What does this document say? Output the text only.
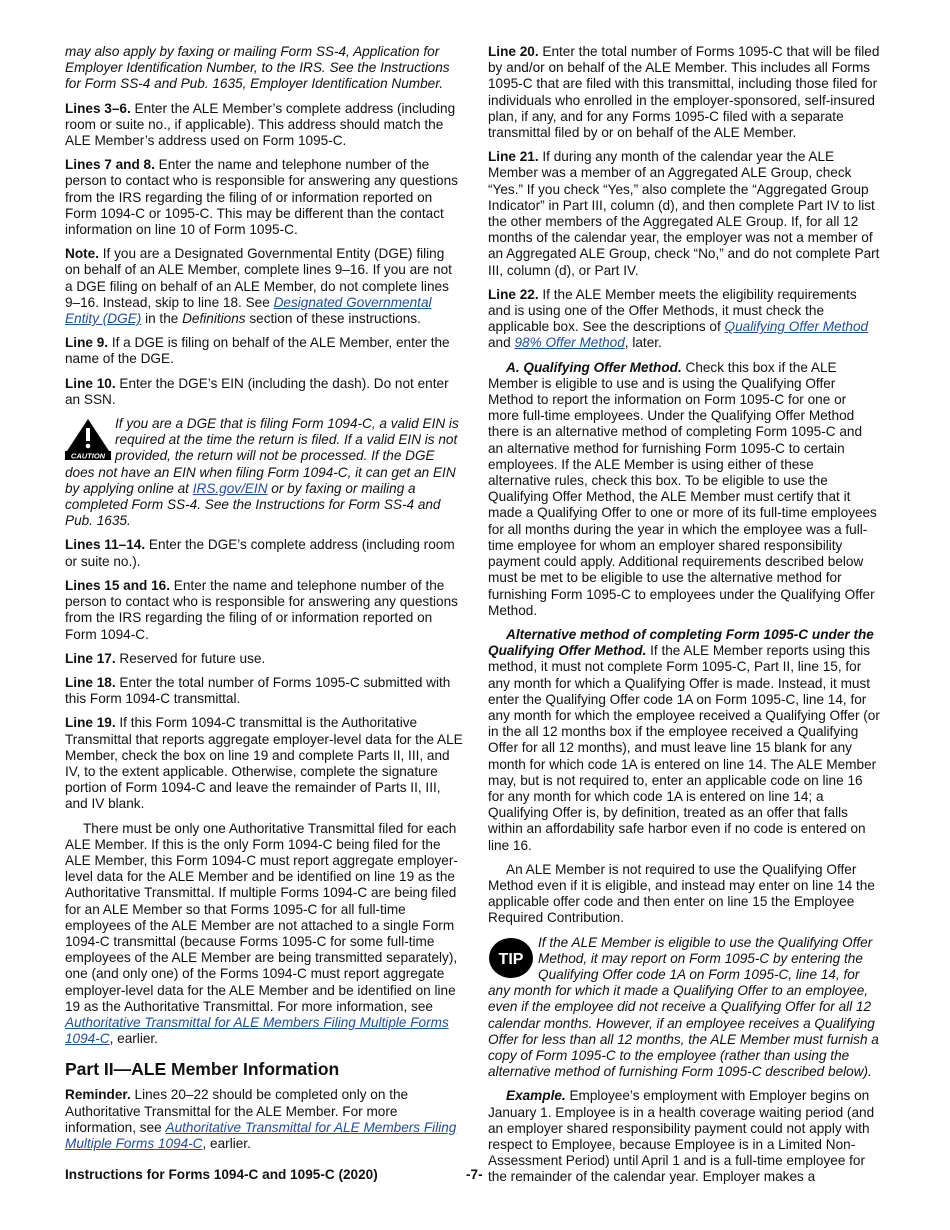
may also apply by faxing or mailing Form SS-4, Application for Employer Identification Number, to the IRS. See the Instructions for Form SS-4 and Pub. 1635, Employer Identification Number.

Lines 3–6. Enter the ALE Member’s complete address (including room or suite no., if applicable). This address should match the ALE Member’s address used on Form 1095-C.

Lines 7 and 8. Enter the name and telephone number of the person to contact who is responsible for answering any questions from the IRS regarding the filing of or information reported on Form 1094-C or 1095-C. This may be different than the contact information on line 10 of Form 1095-C.

Note. If you are a Designated Governmental Entity (DGE) filing on behalf of an ALE Member, complete lines 9–16. If you are not a DGE filing on behalf of an ALE Member, do not complete lines 9–16. Instead, skip to line 18. See Designated Governmental Entity (DGE) in the Definitions section of these instructions.

Line 9. If a DGE is filing on behalf of the ALE Member, enter the name of the DGE.

Line 10. Enter the DGE’s EIN (including the dash). Do not enter an SSN.

CAUTION
If you are a DGE that is filing Form 1094-C, a valid EIN is required at the time the return is filed. If a valid EIN is not provided, the return will not be processed. If the DGE does not have an EIN when filing Form 1094-C, it can get an EIN by applying online at IRS.gov/EIN or by faxing or mailing a completed Form SS-4. See the Instructions for Form SS-4 and Pub. 1635.

Lines 11–14. Enter the DGE’s complete address (including room or suite no.).

Lines 15 and 16. Enter the name and telephone number of the person to contact who is responsible for answering any questions from the IRS regarding the filing of or information reported on Form 1094-C.

Line 17. Reserved for future use.

Line 18. Enter the total number of Forms 1095-C submitted with this Form 1094-C transmittal.

Line 19. If this Form 1094-C transmittal is the Authoritative Transmittal that reports aggregate employer-level data for the ALE Member, check the box on line 19 and complete Parts II, III, and IV, to the extent applicable. Otherwise, complete the signature portion of Form 1094-C and leave the remainder of Parts II, III, and IV blank.

There must be only one Authoritative Transmittal filed for each ALE Member. If this is the only Form 1094-C being filed for the ALE Member, this Form 1094-C must report aggregate employer-level data for the ALE Member and be identified on line 19 as the Authoritative Transmittal. If multiple Forms 1094-C are being filed for an ALE Member so that Forms 1095-C for all full-time employees of the ALE Member are not attached to a single Form 1094-C transmittal (because Forms 1095-C for some full-time employees of the ALE Member are being transmitted separately), one (and only one) of the Forms 1094-C must report aggregate employer-level data for the ALE Member and be identified on line 19 as the Authoritative Transmittal. For more information, see Authoritative Transmittal for ALE Members Filing Multiple Forms 1094-C, earlier.

Part II—ALE Member Information

Reminder. Lines 20–22 should be completed only on the Authoritative Transmittal for the ALE Member. For more information, see Authoritative Transmittal for ALE Members Filing Multiple Forms 1094-C, earlier.

Line 20. Enter the total number of Forms 1095-C that will be filed by and/or on behalf of the ALE Member. This includes all Forms 1095-C that are filed with this transmittal, including those filed for individuals who enrolled in the employer-sponsored, self-insured plan, if any, and for any Forms 1095-C filed with a separate transmittal filed by or on behalf of the ALE Member.

Line 21. If during any month of the calendar year the ALE Member was a member of an Aggregated ALE Group, check “Yes.” If you check “Yes,” also complete the “Aggregated Group Indicator” in Part III, column (d), and then complete Part IV to list the other members of the Aggregated ALE Group. If, for all 12 months of the calendar year, the employer was not a member of an Aggregated ALE Group, check “No,” and do not complete Part III, column (d), or Part IV.

Line 22. If the ALE Member meets the eligibility requirements and is using one of the Offer Methods, it must check the applicable box. See the descriptions of Qualifying Offer Method and 98% Offer Method, later.

A. Qualifying Offer Method. Check this box if the ALE Member is eligible to use and is using the Qualifying Offer Method to report the information on Form 1095-C for one or more full-time employees. Under the Qualifying Offer Method there is an alternative method of completing Form 1095-C and an alternative method for furnishing Form 1095-C to certain employees. If the ALE Member is using either of these alternative rules, check this box. To be eligible to use the Qualifying Offer Method, the ALE Member must certify that it made a Qualifying Offer to one or more of its full-time employees for all months during the year in which the employee was a full-time employee for whom an employer shared responsibility payment could apply. Additional requirements described below must be met to be eligible to use the alternative method for furnishing Form 1095-C to employees under the Qualifying Offer Method.

Alternative method of completing Form 1095-C under the Qualifying Offer Method. If the ALE Member reports using this method, it must not complete Form 1095-C, Part II, line 15, for any month for which a Qualifying Offer is made. Instead, it must enter the Qualifying Offer code 1A on Form 1095-C, line 14, for any month for which the employee received a Qualifying Offer (or in the all 12 months box if the employee received a Qualifying Offer for all 12 months), and must leave line 15 blank for any month for which code 1A is entered on line 14. The ALE Member may, but is not required to, enter an applicable code on line 16 for any month for which code 1A is entered on line 14; a Qualifying Offer is, by definition, treated as an offer that falls within an affordability safe harbor even if no code is entered on line 16.

An ALE Member is not required to use the Qualifying Offer Method even if it is eligible, and instead may enter on line 14 the applicable offer code and then enter on line 15 the Employee Required Contribution.

TIP
If the ALE Member is eligible to use the Qualifying Offer Method, it may report on Form 1095-C by entering the Qualifying Offer code 1A on Form 1095-C, line 14, for any month for which it made a Qualifying Offer to an employee, even if the employee did not receive a Qualifying Offer for all 12 calendar months. However, if an employee receives a Qualifying Offer for less than all 12 months, the ALE Member must furnish a copy of Form 1095-C to the employee (rather than using the alternative method of furnishing Form 1095-C described below).

Example. Employee’s employment with Employer begins on January 1. Employee is in a health coverage waiting period (and an employer shared responsibility payment could not apply with respect to Employee, because Employee is in a Limited Non-Assessment Period) until April 1 and is a full-time employee for the remainder of the calendar year. Employer makes a

Instructions for Forms 1094-C and 1095-C (2020)	-7-
